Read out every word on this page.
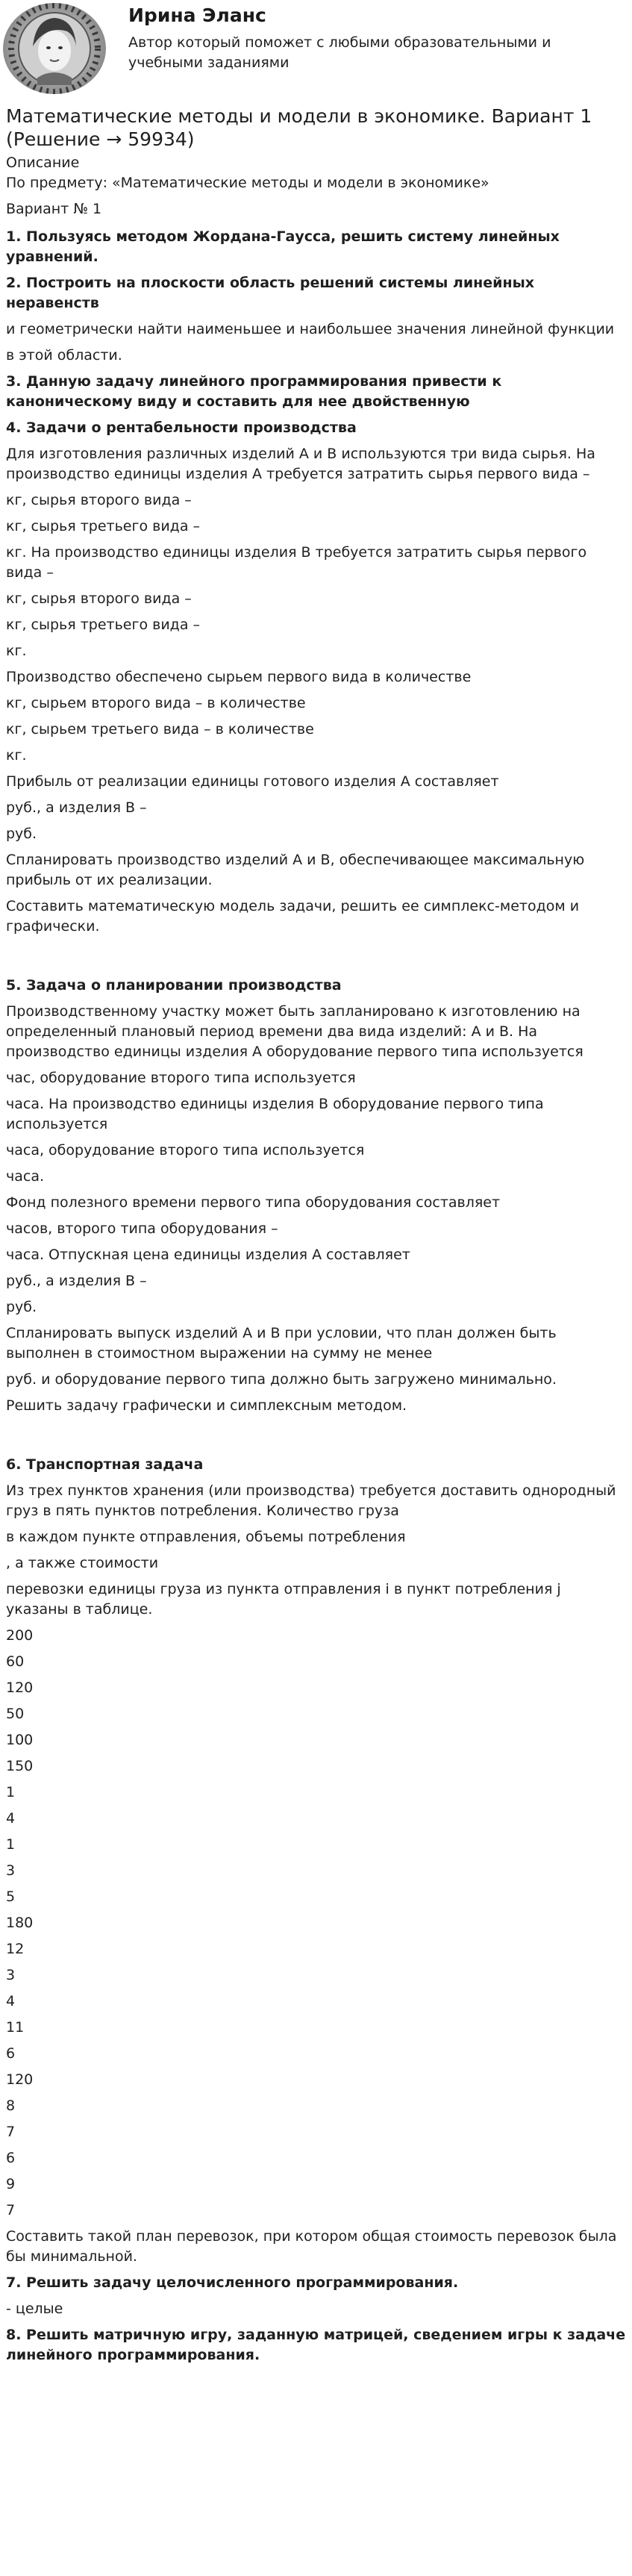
Ирина Эланс
Автор который поможет с любыми образовательными и учебными заданиями
Математические методы и модели в экономике. Вариант 1 (Решение → 59934)
Описание
По предмету: «Математические методы и модели в экономике»
Вариант № 1
1. Пользуясь методом Жордана-Гаусса, решить систему линейных уравнений.
2. Построить на плоскости область решений системы линейных неравенств
и геометрически найти наименьшее и наибольшее значения линейной функции
в этой области.
3. Данную задачу линейного программирования привести к каноническому виду и составить для нее двойственную
4. Задачи о рентабельности производства
Для изготовления различных изделий A и B используются три вида сырья. На производство единицы изделия A требуется затратить сырья первого вида –
кг, сырья второго вида –
кг, сырья третьего вида –
кг. На производство единицы изделия B требуется затратить сырья первого вида –
кг, сырья второго вида –
кг, сырья третьего вида –
кг.
Производство обеспечено сырьем первого вида в количестве
кг, сырьем второго вида – в количестве
кг, сырьем третьего вида – в количестве
кг.
Прибыль от реализации единицы готового изделия A составляет
руб., а изделия B –
руб.
Спланировать производство изделий A и B, обеспечивающее максимальную прибыль от их реализации.
Составить математическую модель задачи, решить ее симплекс-методом и графически.
5. Задача о планировании производства
Производственному участку может быть запланировано к изготовлению на определенный плановый период времени два вида изделий: A и B. На производство единицы изделия A оборудование первого типа используется
час, оборудование второго типа используется
часа. На производство единицы изделия B оборудование первого типа используется
часа, оборудование второго типа используется
часа.
Фонд полезного времени первого типа оборудования составляет
часов, второго типа оборудования –
часа. Отпускная цена единицы изделия A составляет
руб., а изделия B –
руб.
Спланировать выпуск изделий A и B при условии, что план должен быть выполнен в стоимостном выражении на сумму не менее
руб. и оборудование первого типа должно быть загружено минимально.
Решить задачу графически и симплексным методом.
6. Транспортная задача
Из трех пунктов хранения (или производства) требуется доставить однородный груз в пять пунктов потребления. Количество груза
в каждом пункте отправления, объемы потребления
, а также стоимости
перевозки единицы груза из пункта отправления i в пункт потребления j указаны в таблице.
200
60
120
50
100
150
1
4
1
3
5
180
12
3
4
11
6
120
8
7
6
9
7
Составить такой план перевозок, при котором общая стоимость перевозок была бы минимальной.
7. Решить задачу целочисленного программирования.
- целые
8. Решить матричную игру, заданную матрицей, сведением игры к задаче линейного программирования.
